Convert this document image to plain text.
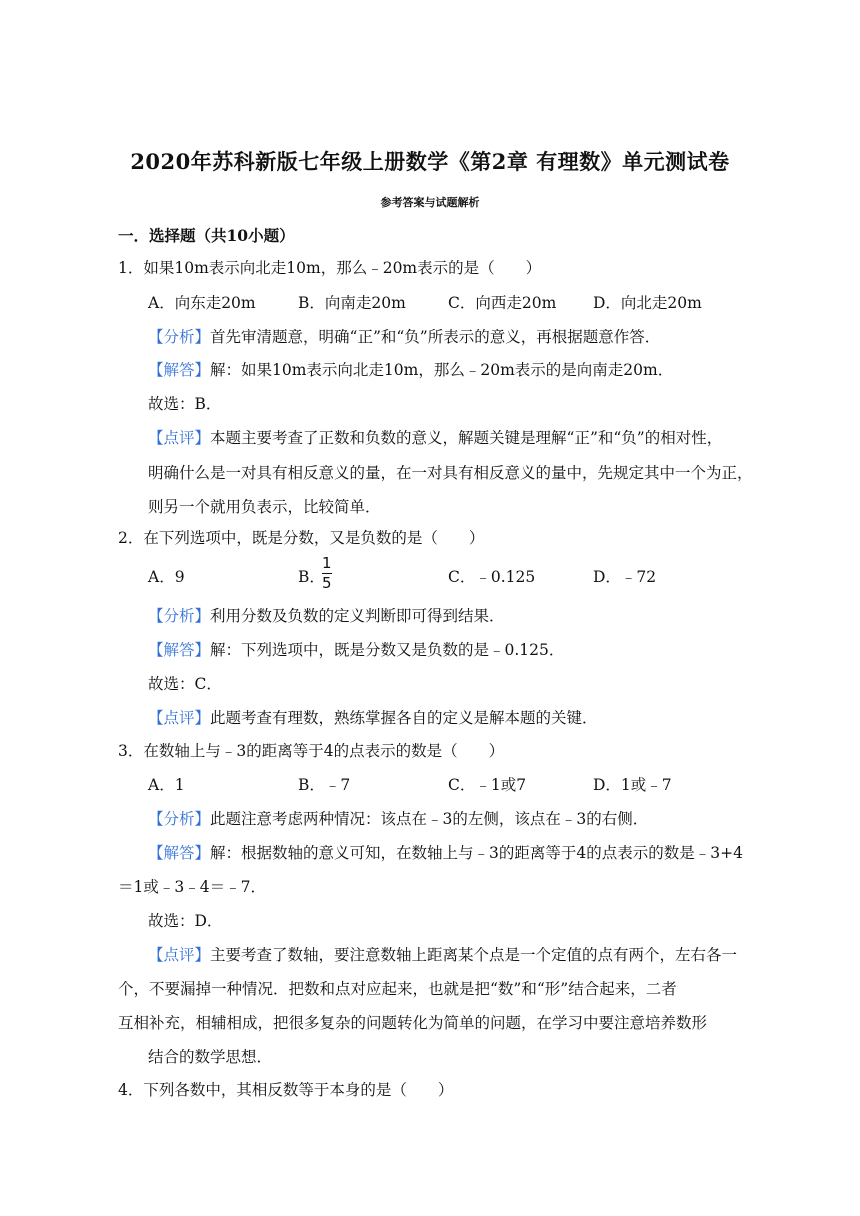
2020年苏科新版七年级上册数学《第2章 有理数》单元测试卷
参考答案与试题解析
一．选择题（共10小题）
1．如果10m表示向北走10m，那么﹣20m表示的是（　　）
A．向东走20m	B．向南走20m	C．向西走20m D．向北走20m
【分析】首先审清题意，明确“正”和“负”所表示的意义，再根据题意作答．
【解答】解：如果10m表示向北走10m，那么﹣20m表示的是向南走20m．
故选：B．
【点评】本题主要考查了正数和负数的意义，解题关键是理解“正”和“负”的相对性，
明确什么是一对具有相反意义的量，在一对具有相反意义的量中，先规定其中一个为正，
则另一个就用负表示，比较简单．
2．在下列选项中，既是分数，又是负数的是（　　）
A．9	B．
1
5	C．﹣0.125	D．﹣72
【分析】利用分数及负数的定义判断即可得到结果．
【解答】解：下列选项中，既是分数又是负数的是﹣0.125．
故选：C．
【点评】此题考查有理数，熟练掌握各自的定义是解本题的关键．
3．在数轴上与﹣3的距离等于4的点表示的数是（　　）
A．1	B．﹣7	C．﹣1或7	D．1或﹣7
【分析】此题注意考虑两种情况：该点在﹣3的左侧，该点在﹣3的右侧．
【解答】解：根据数轴的意义可知，在数轴上与﹣3的距离等于4的点表示的数是﹣3+4
＝1或﹣3﹣4＝﹣7．
故选：D．
【点评】主要考查了数轴，要注意数轴上距离某个点是一个定值的点有两个，左右各一
个，不要漏掉一种情况．把数和点对应起来，也就是把“数”和“形”结合起来，二者
互相补充，相辅相成，把很多复杂的问题转化为简单的问题，在学习中要注意培养数形
结合的数学思想．
4．下列各数中，其相反数等于本身的是（　　）
